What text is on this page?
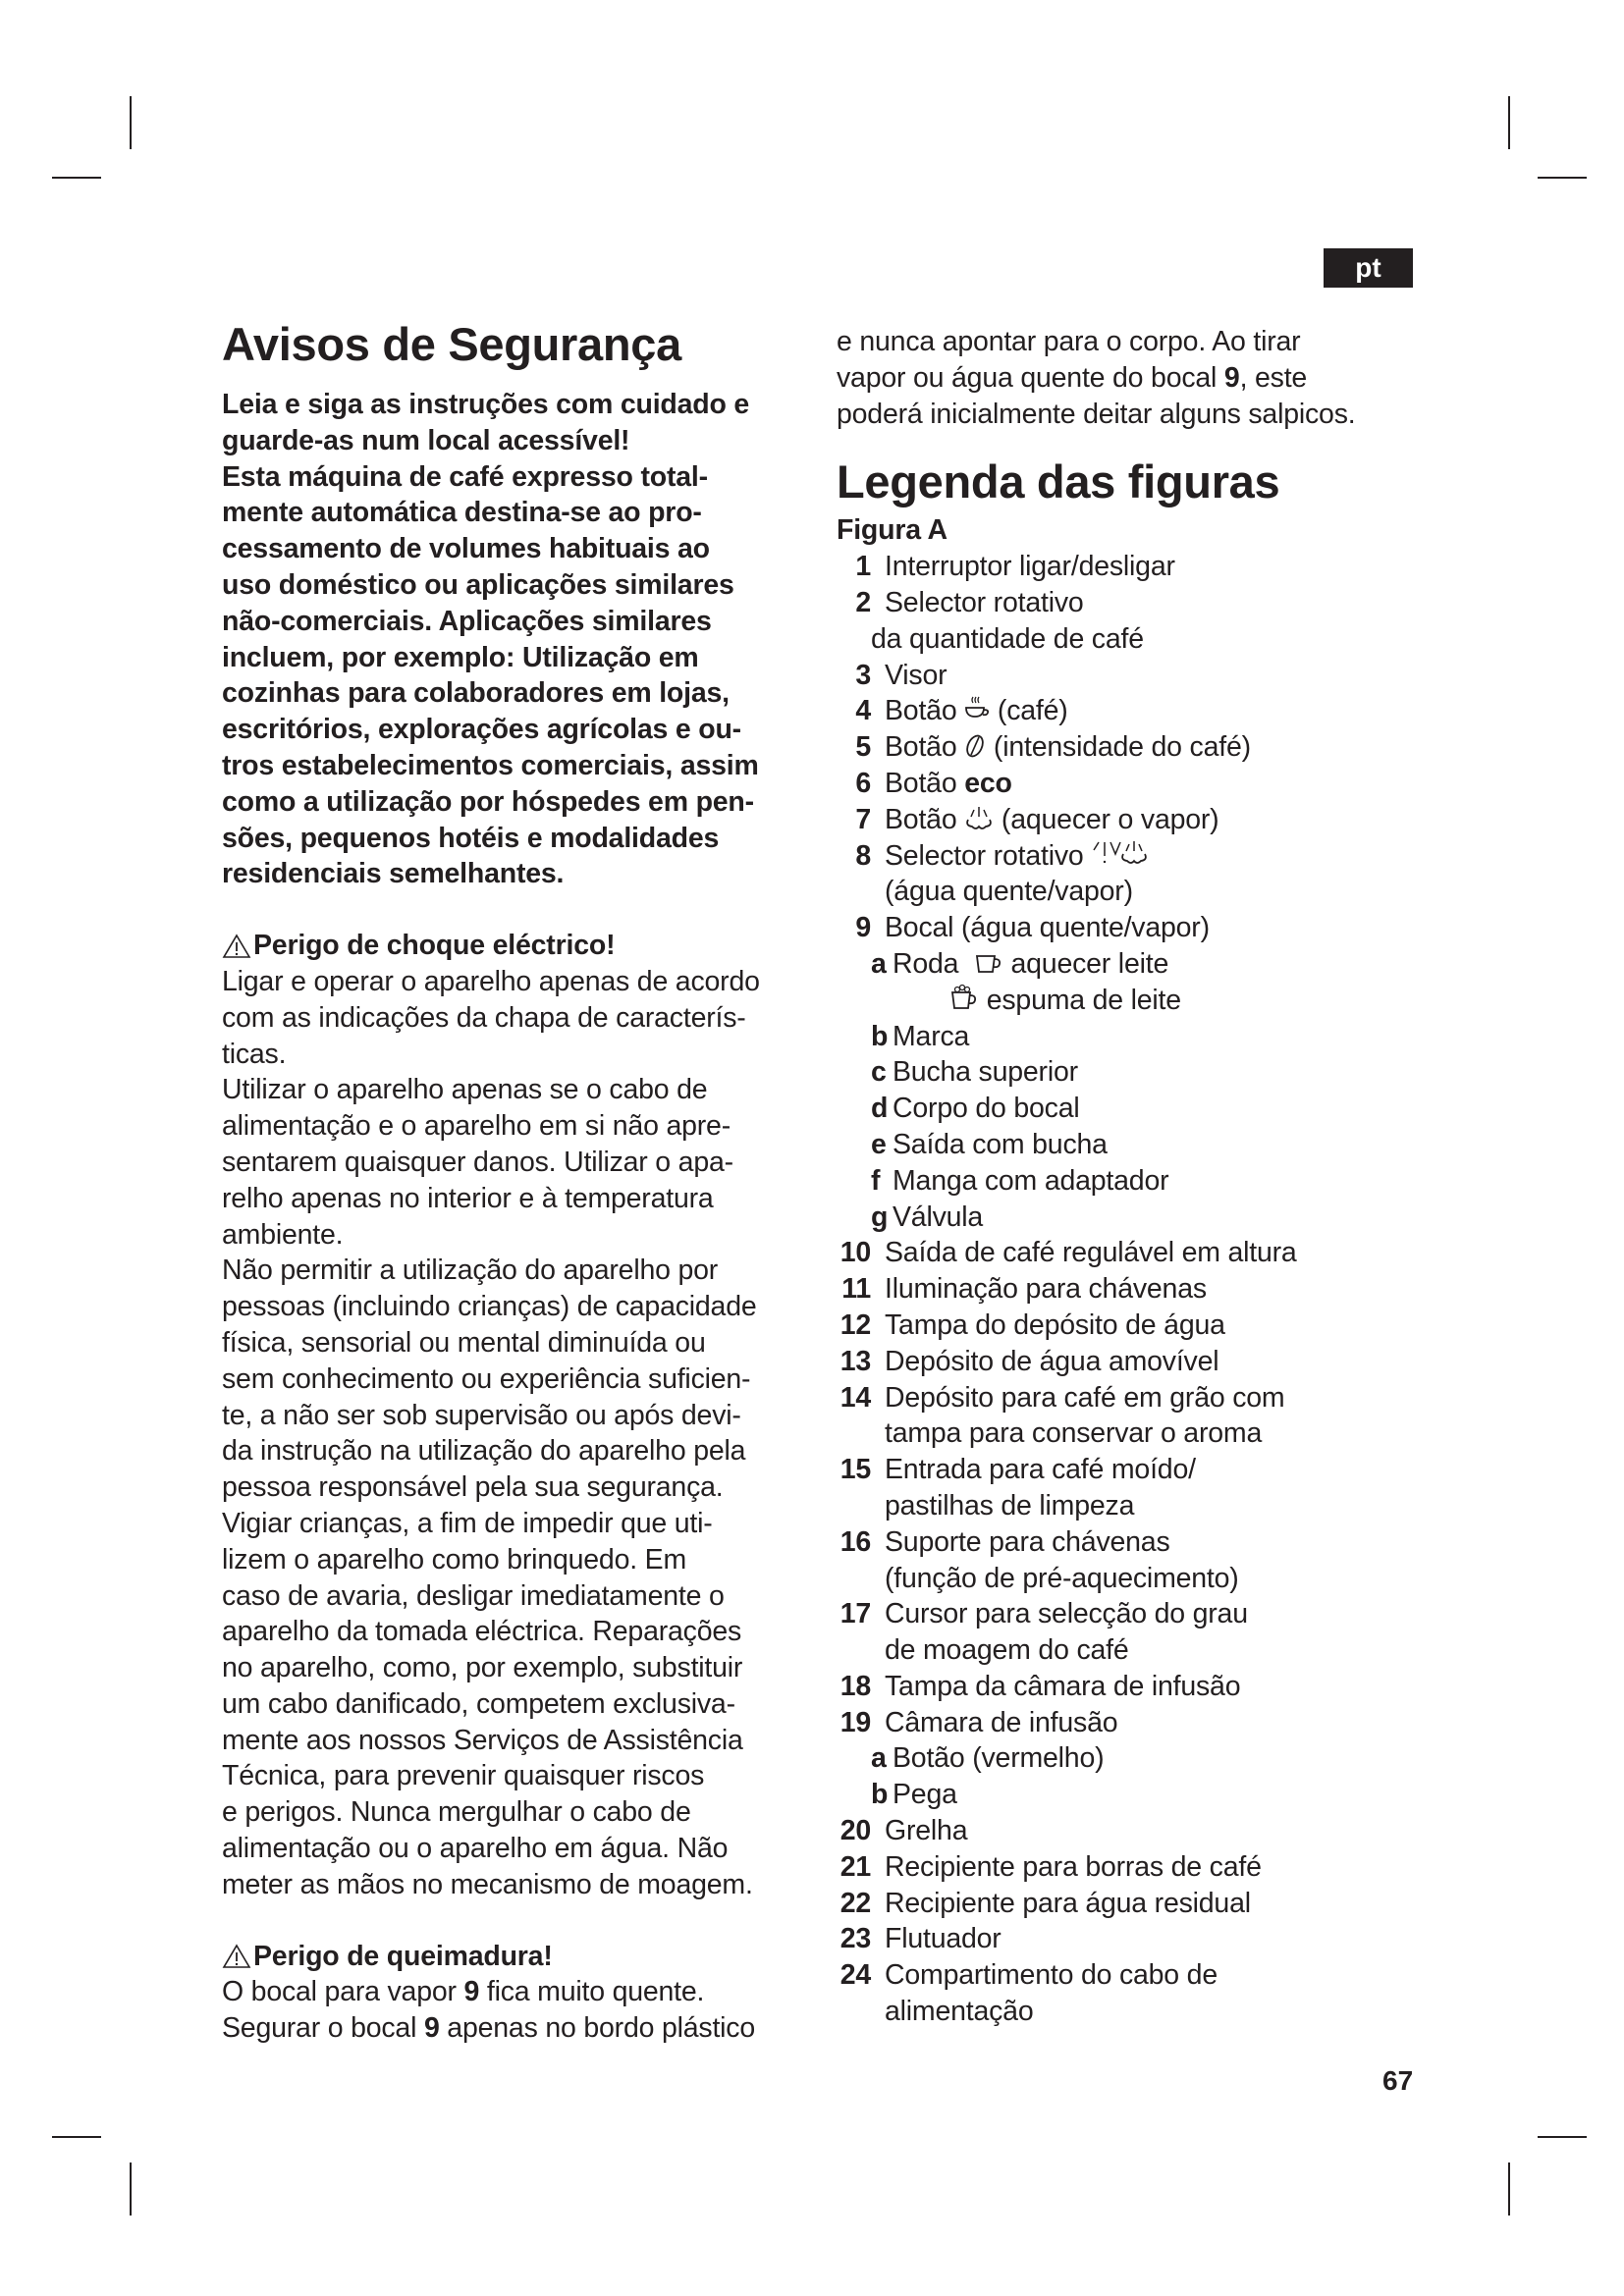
pt
Avisos de Segurança
Leia e siga as instruções com cuidado e
guarde-as num local acessível!
Esta máquina de café expresso total-
mente automática destina-se ao pro-
cessamento de volumes habituais ao
uso doméstico ou aplicações similares
não-comerciais. Aplicações similares
incluem, por exemplo: Utilização em
cozinhas para colaboradores em lojas,
escritórios, explorações agrícolas e ou-
tros estabelecimentos comerciais, assim
como a utilização por hóspedes em pen-
sões, pequenos hotéis e modalidades
residenciais semelhantes.
Perigo de choque eléctrico!
Ligar e operar o aparelho apenas de acordo
com as indicações da chapa de caracterís-
ticas.
Utilizar o aparelho apenas se o cabo de
alimentação e o aparelho em si não apre-
sentarem quaisquer danos. Utilizar o apa-
relho apenas no interior e à temperatura
ambiente.
Não permitir a utilização do aparelho por
pessoas (incluindo crianças) de capacidade
física, sensorial ou mental diminuída ou
sem conhecimento ou experiência suficien-
te, a não ser sob supervisão ou após devi-
da instrução na utilização do aparelho pela
pessoa responsável pela sua segurança.
Vigiar crianças, a fim de impedir que uti-
lizem o aparelho como brinquedo. Em
caso de avaria, desligar imediatamente o
aparelho da tomada eléctrica. Reparações
no aparelho, como, por exemplo, substituir
um cabo danificado, competem exclusiva-
mente aos nossos Serviços de Assistência
Técnica, para prevenir quaisquer riscos
e perigos. Nunca mergulhar o cabo de
alimentação ou o aparelho em água. Não
meter as mãos no mecanismo de moagem.
Perigo de queimadura!
O bocal para vapor 9 fica muito quente.
Segurar o bocal 9 apenas no bordo plástico
e nunca apontar para o corpo. Ao tirar
vapor ou água quente do bocal 9, este
poderá inicialmente deitar alguns salpicos.
Legenda das figuras
Figura A
1 Interruptor ligar/desligar
2 Selector rotativo
da quantidade de café
3 Visor
4 Botão (café)
5 Botão (intensidade do café)
6 Botão eco
7 Botão (aquecer o vapor)
8 Selector rotativo
(água quente/vapor)
9 Bocal (água quente/vapor)
a Roda aquecer leite
espuma de leite
b Marca
c Bucha superior
d Corpo do bocal
e Saída com bucha
f Manga com adaptador
g Válvula
10 Saída de café regulável em altura
11 Iluminação para chávenas
12 Tampa do depósito de água
13 Depósito de água amovível
14 Depósito para café em grão com
tampa para conservar o aroma
15 Entrada para café moído/
pastilhas de limpeza
16 Suporte para chávenas
(função de pré-aquecimento)
17 Cursor para selecção do grau
de moagem do café
18 Tampa da câmara de infusão
19 Câmara de infusão
a Botão (vermelho)
b Pega
20 Grelha
21 Recipiente para borras de café
22 Recipiente para água residual
23 Flutuador
24 Compartimento do cabo de
alimentação
67
